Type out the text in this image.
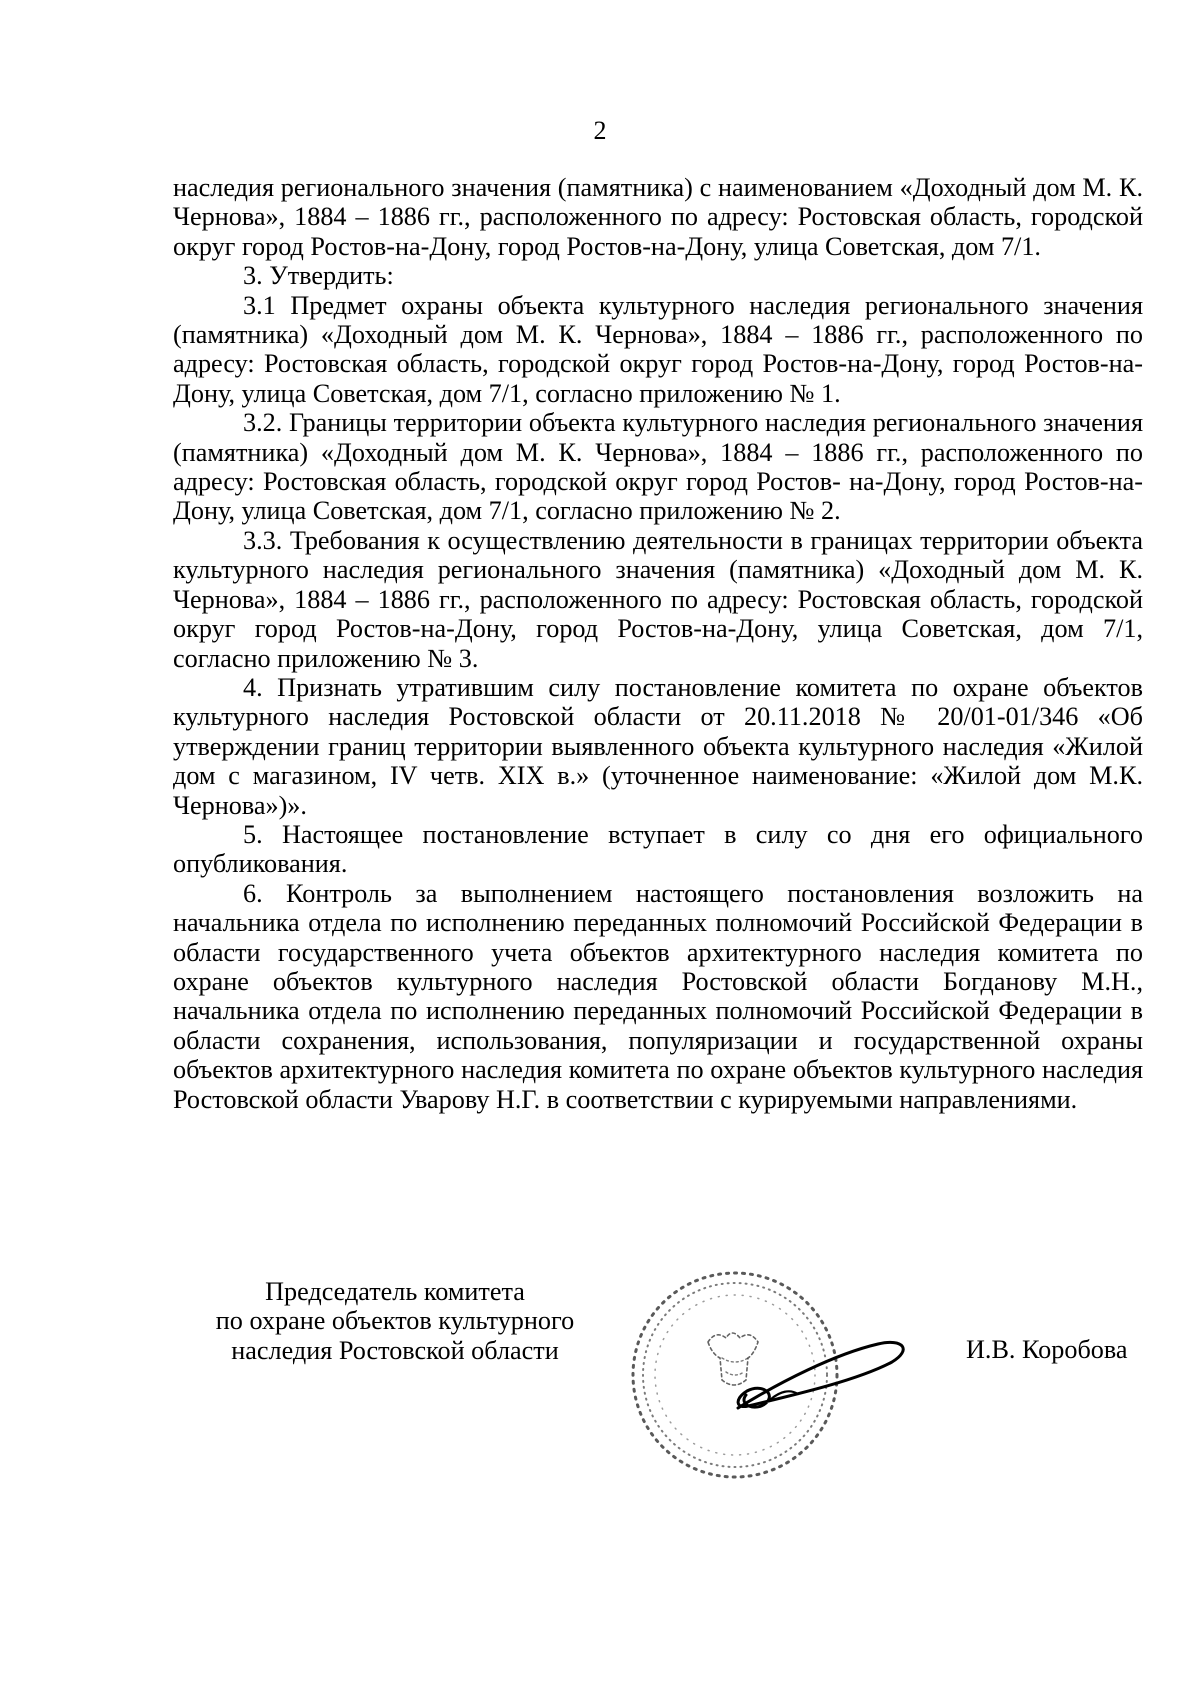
2

наследия регионального значения (памятника) с наименованием «Доходный дом М. К. Чернова», 1884 – 1886 гг., расположенного по адресу: Ростовская область, городской округ город Ростов-на-Дону, город Ростов-на-Дону, улица Советская, дом 7/1.

3. Утвердить:

3.1 Предмет охраны объекта культурного наследия регионального значения (памятника) «Доходный дом М. К. Чернова», 1884 – 1886 гг., расположенного по адресу: Ростовская область, городской округ город Ростов-на-Дону, город Ростов-на-Дону, улица Советская, дом 7/1, согласно приложению № 1.

3.2. Границы территории объекта культурного наследия регионального значения (памятника) «Доходный дом М. К. Чернова», 1884 – 1886 гг., расположенного по адресу: Ростовская область, городской округ город Ростов- на-Дону, город Ростов-на-Дону, улица Советская, дом 7/1, согласно приложению № 2.

3.3. Требования к осуществлению деятельности в границах территории объекта культурного наследия регионального значения (памятника) «Доходный дом М. К. Чернова», 1884 – 1886 гг., расположенного по адресу: Ростовская область, городской округ город Ростов-на-Дону, город Ростов-на-Дону, улица Советская, дом 7/1, согласно приложению № 3.

4. Признать утратившим силу постановление комитета по охране объектов культурного наследия Ростовской области от 20.11.2018 № 20/01-01/346 «Об утверждении границ территории выявленного объекта культурного наследия «Жилой дом с магазином, IV четв. XIX в.» (уточненное наименование: «Жилой дом М.К. Чернова»)».

5. Настоящее постановление вступает в силу со дня его официального опубликования.

6. Контроль за выполнением настоящего постановления возложить на начальника отдела по исполнению переданных полномочий Российской Федерации в области государственного учета объектов архитектурного наследия комитета по охране объектов культурного наследия Ростовской области Богданову М.Н., начальника отдела по исполнению переданных полномочий Российской Федерации в области сохранения, использования, популяризации и государственной охраны объектов архитектурного наследия комитета по охране объектов культурного наследия Ростовской области Уварову Н.Г. в соответствии с курируемыми направлениями.

Председатель комитета
по охране объектов культурного
наследия Ростовской области	И.В. Коробова
